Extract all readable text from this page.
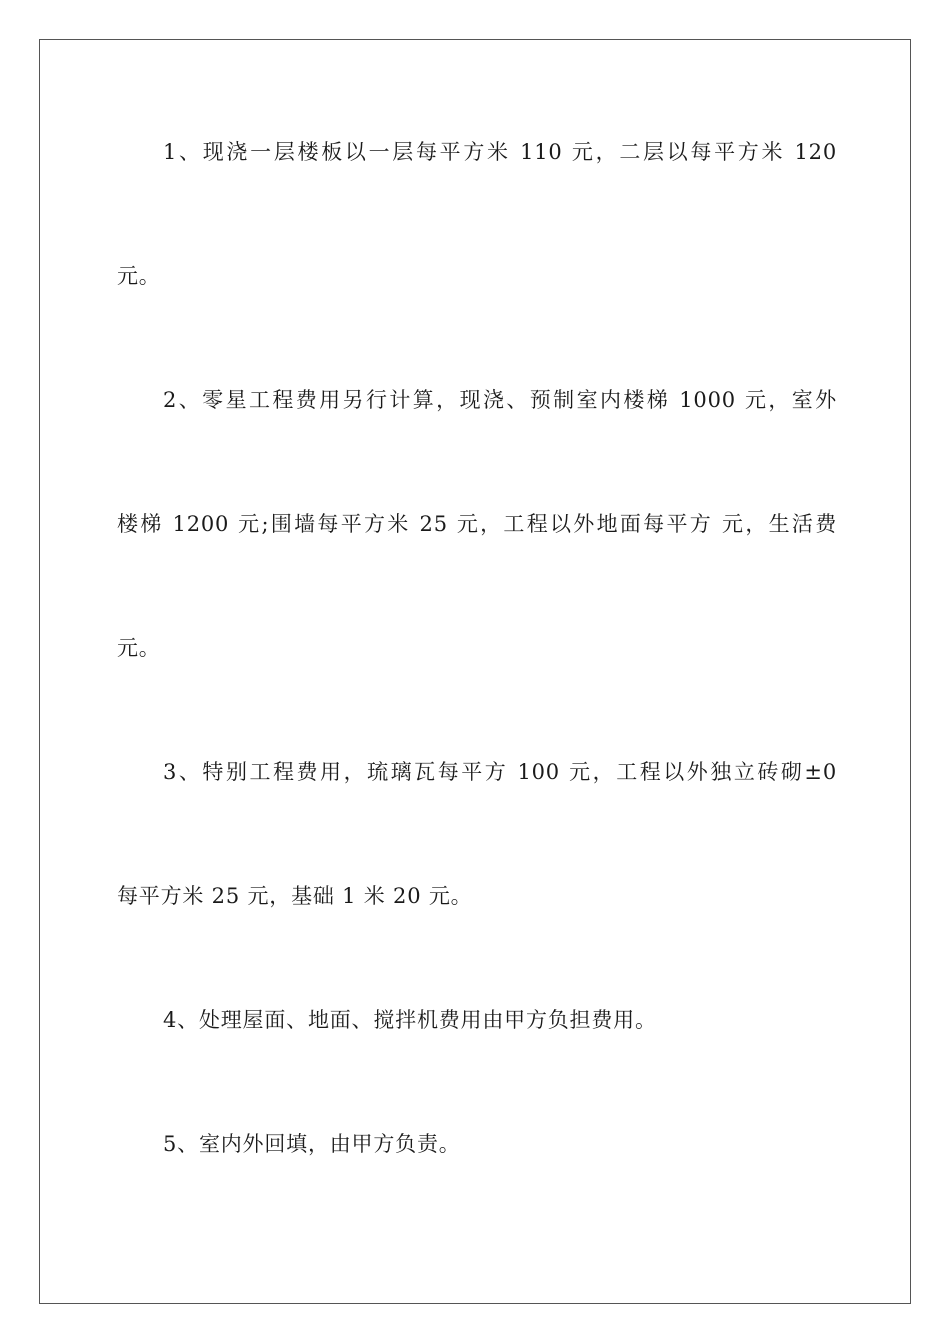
1、现浇一层楼板以一层每平方米 110 元，二层以每平方米 120
元。
2、零星工程费用另行计算，现浇、预制室内楼梯 1000 元，室外
楼梯 1200 元;围墙每平方米 25 元，工程以外地面每平方 元，生活费
元。
3、特别工程费用，琉璃瓦每平方 100 元，工程以外独立砖砌±0
每平方米 25 元，基础 1 米 20 元。
4、处理屋面、地面、搅拌机费用由甲方负担费用。
5、室内外回填，由甲方负责。
